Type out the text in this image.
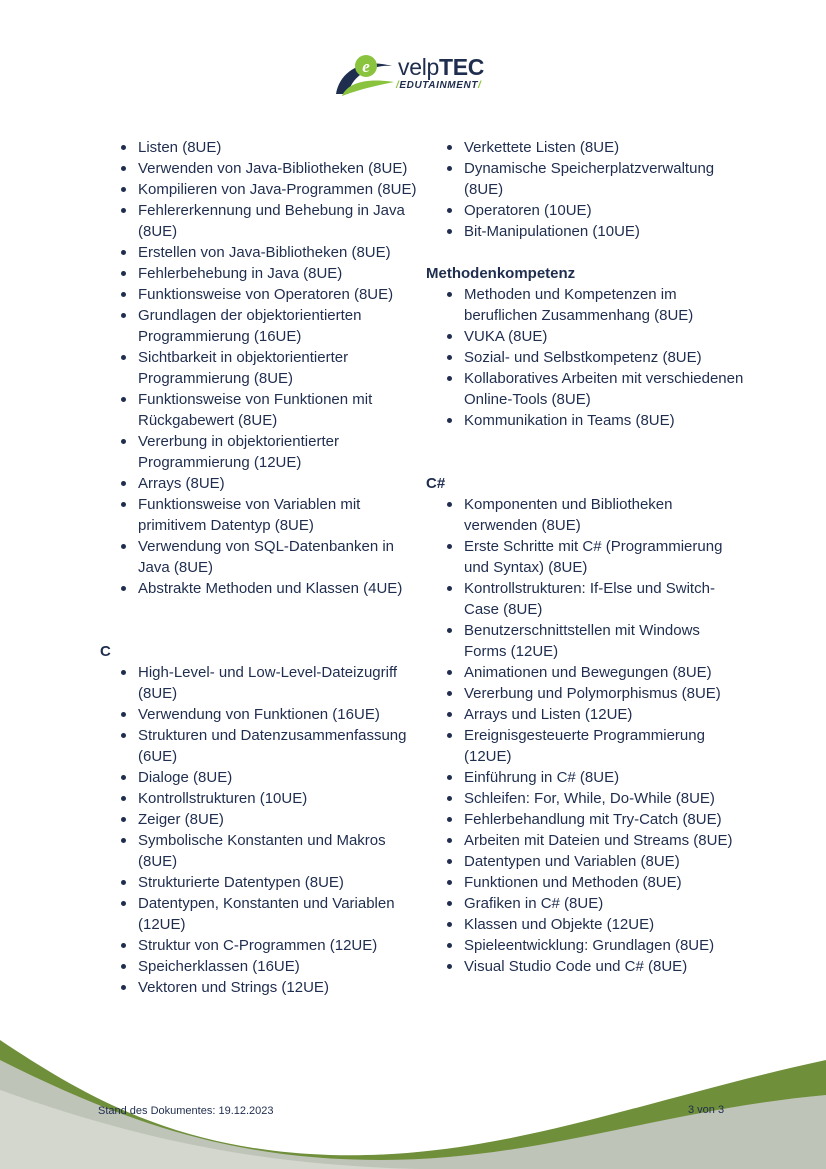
e velpTEC
/EDUTAINMENT/
Listen (8UE)
Verwenden von Java-Bibliotheken (8UE)
Kompilieren von Java-Programmen (8UE)
Fehlererkennung und Behebung in Java (8UE)
Erstellen von Java-Bibliotheken (8UE)
Fehlerbehebung in Java (8UE)
Funktionsweise von Operatoren (8UE)
Grundlagen der objektorientierten Programmierung (16UE)
Sichtbarkeit in objektorientierter Programmierung (8UE)
Funktionsweise von Funktionen mit Rückgabewert (8UE)
Vererbung in objektorientierter Programmierung (12UE)
Arrays (8UE)
Funktionsweise von Variablen mit primitivem Datentyp (8UE)
Verwendung von SQL-Datenbanken in Java (8UE)
Abstrakte Methoden und Klassen (4UE)
C
High-Level- und Low-Level-Dateizugriff (8UE)
Verwendung von Funktionen (16UE)
Strukturen und Datenzusammenfassung (6UE)
Dialoge (8UE)
Kontrollstrukturen (10UE)
Zeiger (8UE)
Symbolische Konstanten und Makros (8UE)
Strukturierte Datentypen (8UE)
Datentypen, Konstanten und Variablen (12UE)
Struktur von C-Programmen (12UE)
Speicherklassen (16UE)
Vektoren und Strings (12UE)
Verkettete Listen (8UE)
Dynamische Speicherplatzverwaltung (8UE)
Operatoren (10UE)
Bit-Manipulationen (10UE)
Methodenkompetenz
Methoden und Kompetenzen im beruflichen Zusammenhang (8UE)
VUKA (8UE)
Sozial- und Selbstkompetenz (8UE)
Kollaboratives Arbeiten mit verschiedenen Online-Tools (8UE)
Kommunikation in Teams (8UE)
C#
Komponenten und Bibliotheken verwenden (8UE)
Erste Schritte mit C# (Programmierung und Syntax) (8UE)
Kontrollstrukturen: If-Else und Switch-Case (8UE)
Benutzerschnittstellen mit Windows Forms (12UE)
Animationen und Bewegungen (8UE)
Vererbung und Polymorphismus (8UE)
Arrays und Listen (12UE)
Ereignisgesteuerte Programmierung (12UE)
Einführung in C# (8UE)
Schleifen: For, While, Do-While (8UE)
Fehlerbehandlung mit Try-Catch (8UE)
Arbeiten mit Dateien und Streams (8UE)
Datentypen und Variablen (8UE)
Funktionen und Methoden (8UE)
Grafiken in C# (8UE)
Klassen und Objekte (12UE)
Spieleentwicklung: Grundlagen (8UE)
Visual Studio Code und C# (8UE)
Stand des Dokumentes: 19.12.2023	3 von 3
